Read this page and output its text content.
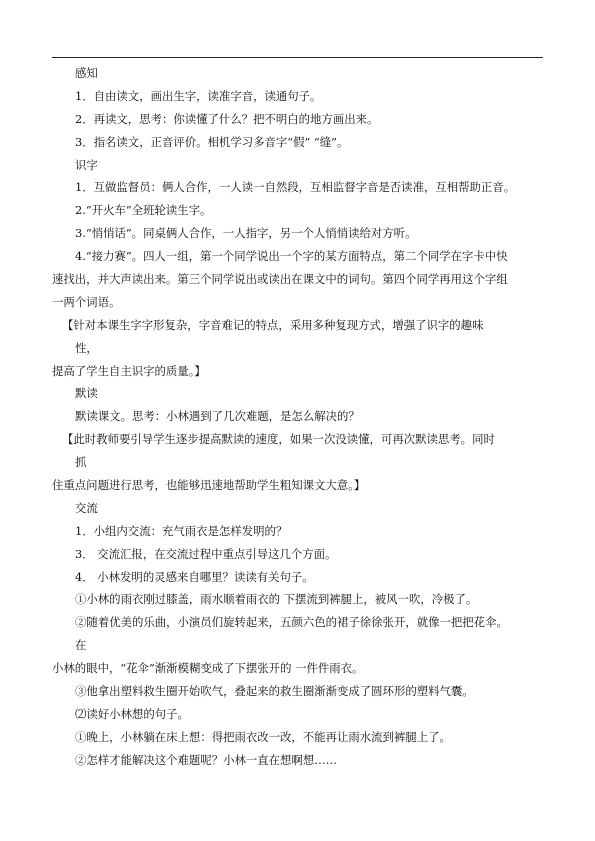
感知

1．自由读文，画出生字，读准字音，读通句子。

2．再读文，思考：你读懂了什么？把不明白的地方画出来。

3．指名读文，正音评价。相机学习多音字“假” “缝”。

识字

1．互做监督员：俩人合作，一人读一自然段，互相监督字音是否读准，互相帮助正音。

2.“开火车”全班轮读生字。

3.“悄悄话”。同桌俩人合作，一人指字，另一个人悄悄读给对方听。

4.“接力赛”。四人一组，第一个同学说出一个字的某方面特点，第二个同学在字卡中快

速找出，并大声读出来。第三个同学说出或读出在课文中的词句。第四个同学再用这个字组

一两个词语。

【针对本课生字字形复杂，字音难记的特点，采用多种复现方式，增强了识字的趣味

性，

提高了学生自主识字的质量。】

默读

默读课文。思考：小林遇到了几次难题，是怎么解决的？

【此时教师要引导学生逐步提高默读的速度，如果一次没读懂，可再次默读思考。同时

抓

住重点问题进行思考，也能够迅速地帮助学生粗知课文大意。】

交流

1．小组内交流：充气雨衣是怎样发明的？

3． 交流汇报，在交流过程中重点引导这几个方面。

4． 小林发明的灵感来自哪里？读读有关句子。

①小林的雨衣刚过膝盖，雨水顺着雨衣的 下摆流到裤腿上，被风一吹，冷极了。

②随着优美的乐曲，小演员们旋转起来，五颜六色的裙子徐徐张开，就像一把把花伞。

在

小林的眼中，“花伞”渐渐模糊变成了下摆张开的 一件件雨衣。

③他拿出塑料救生圈开始吹气，叠起来的救生圈渐渐变成了圆环形的塑料气囊。

⑵读好小林想的句子。

①晚上，小林躺在床上想：得把雨衣改一改，不能再让雨水流到裤腿上了。

②怎样才能解决这个难题呢？小林一直在想啊想……
